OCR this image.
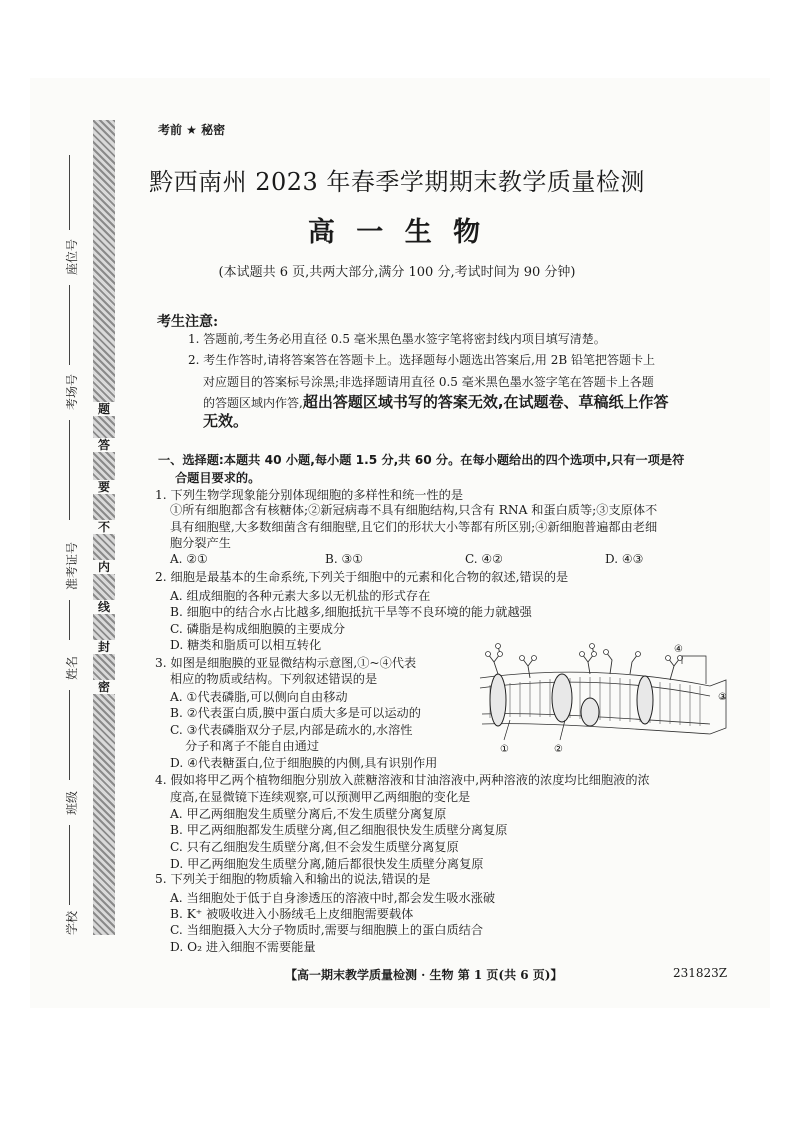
题
答
要
不
内
线
封
密
座位号
考场号
准考证号
姓名
班级
学校
考前 ★ 秘密
黔西南州 2023 年春季学期期末教学质量检测
高 一 生 物
(本试题共 6 页,共两大部分,满分 100 分,考试时间为 90 分钟)
考生注意:
1. 答题前,考生务必用直径 0.5 毫米黑色墨水签字笔将密封线内项目填写清楚。
2. 考生作答时,请将答案答在答题卡上。选择题每小题选出答案后,用 2B 铅笔把答题卡上
对应题目的答案标号涂黑;非选择题请用直径 0.5 毫米黑色墨水签字笔在答题卡上各题
的答题区域内作答,超出答题区域书写的答案无效,在试题卷、草稿纸上作答
无效。
一、选择题:本题共 40 小题,每小题 1.5 分,共 60 分。在每小题给出的四个选项中,只有一项是符
合题目要求的。
1. 下列生物学现象能分别体现细胞的多样性和统一性的是
①所有细胞都含有核糖体;②新冠病毒不具有细胞结构,只含有 RNA 和蛋白质等;③支原体不
具有细胞壁,大多数细菌含有细胞壁,且它们的形状大小等都有所区别;④新细胞普遍都由老细
胞分裂产生
A. ②①	B. ③①	C. ④②	D. ④③
2. 细胞是最基本的生命系统,下列关于细胞中的元素和化合物的叙述,错误的是
A. 组成细胞的各种元素大多以无机盐的形式存在
B. 细胞中的结合水占比越多,细胞抵抗干旱等不良环境的能力就越强
C. 磷脂是构成细胞膜的主要成分
D. 糖类和脂质可以相互转化
3. 如图是细胞膜的亚显微结构示意图,①~④代表
相应的物质或结构。下列叙述错误的是
A. ①代表磷脂,可以侧向自由移动
B. ②代表蛋白质,膜中蛋白质大多是可以运动的
C. ③代表磷脂双分子层,内部是疏水的,水溶性
分子和离子不能自由通过
D. ④代表糖蛋白,位于细胞膜的内侧,具有识别作用
①	②
③
④
4. 假如将甲乙两个植物细胞分别放入蔗糖溶液和甘油溶液中,两种溶液的浓度均比细胞液的浓
度高,在显微镜下连续观察,可以预测甲乙两细胞的变化是
A. 甲乙两细胞发生质壁分离后,不发生质壁分离复原
B. 甲乙两细胞都发生质壁分离,但乙细胞很快发生质壁分离复原
C. 只有乙细胞发生质壁分离,但不会发生质壁分离复原
D. 甲乙两细胞发生质壁分离,随后都很快发生质壁分离复原
5. 下列关于细胞的物质输入和输出的说法,错误的是
A. 当细胞处于低于自身渗透压的溶液中时,都会发生吸水涨破
B. K⁺ 被吸收进入小肠绒毛上皮细胞需要载体
C. 当细胞摄入大分子物质时,需要与细胞膜上的蛋白质结合
D. O₂ 进入细胞不需要能量
【高一期末教学质量检测 · 生物 第 1 页(共 6 页)】	231823Z
